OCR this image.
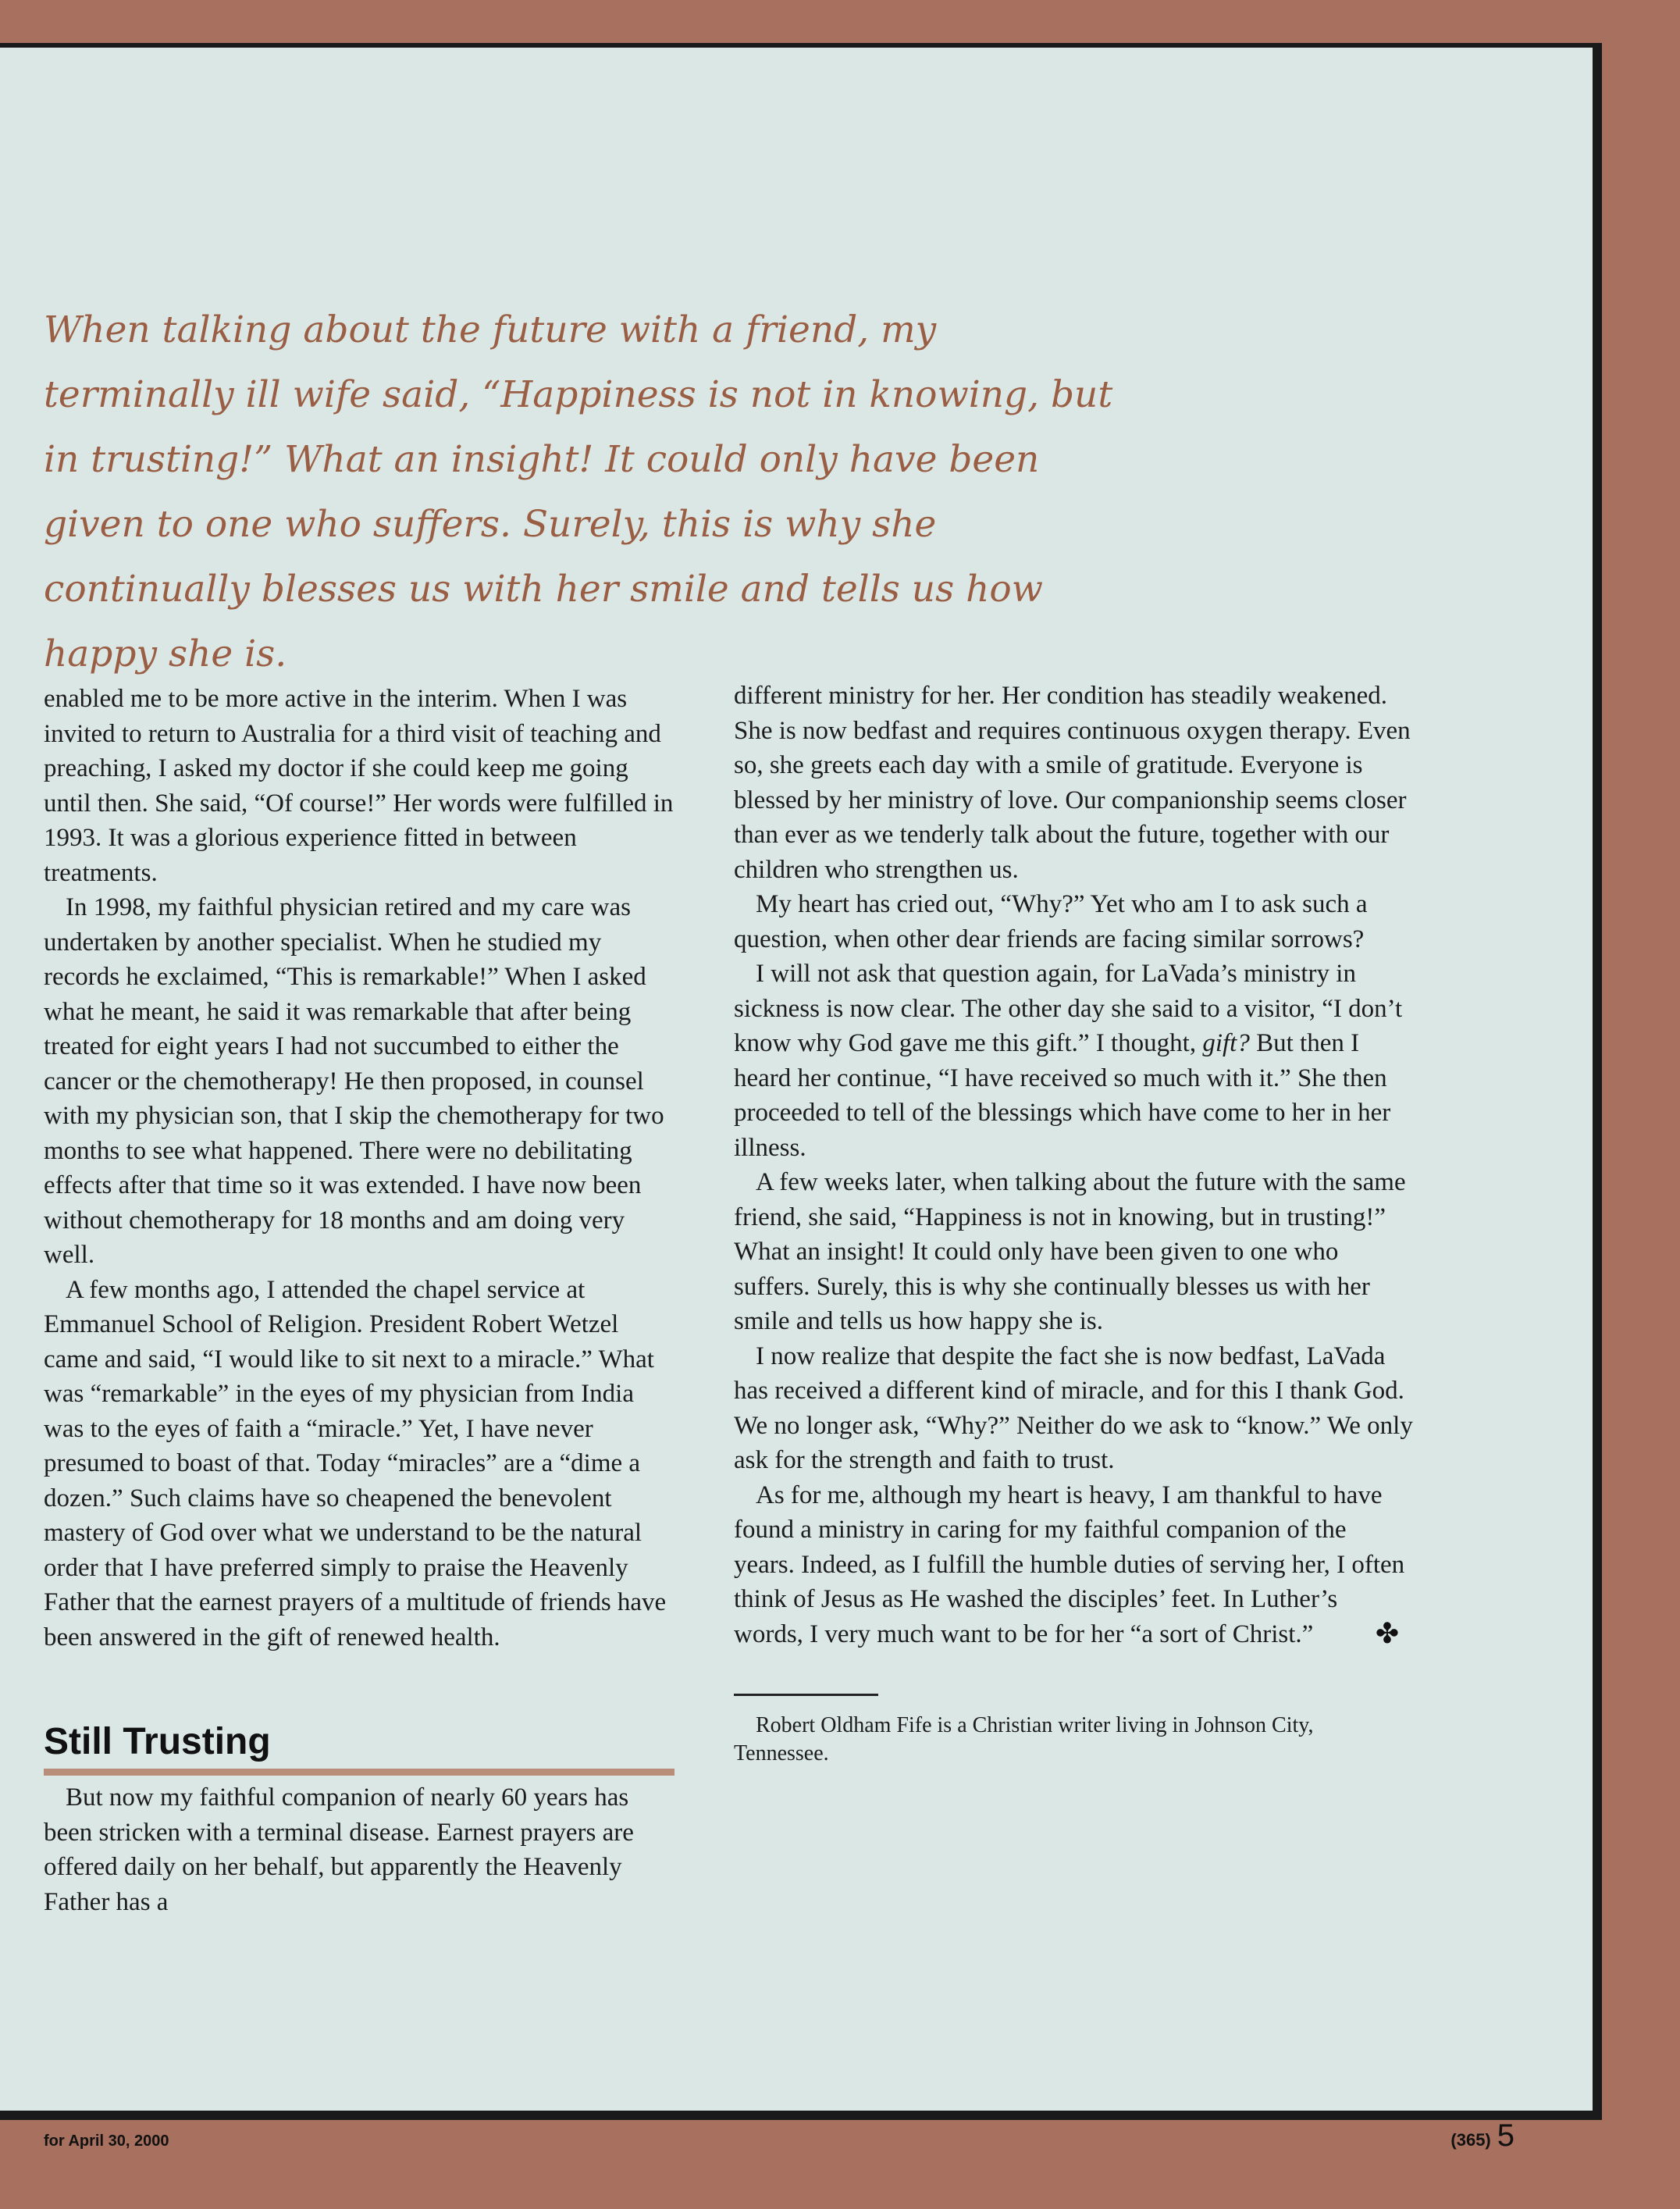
When talking about the future with a friend, my terminally ill wife said, “Happiness is not in knowing, but in trusting!” What an insight! It could only have been given to one who suffers. Surely, this is why she continually blesses us with her smile and tells us how happy she is.

enabled me to be more active in the interim. When I was invited to return to Australia for a third visit of teaching and preaching, I asked my doctor if she could keep me going until then. She said, “Of course!” Her words were fulfilled in 1993. It was a glorious experience fitted in between treatments.

In 1998, my faithful physician retired and my care was undertaken by another specialist. When he studied my records he exclaimed, “This is remarkable!” When I asked what he meant, he said it was remarkable that after being treated for eight years I had not succumbed to either the cancer or the chemotherapy! He then proposed, in counsel with my physician son, that I skip the chemotherapy for two months to see what happened. There were no debilitating effects after that time so it was extended. I have now been without chemotherapy for 18 months and am doing very well.

A few months ago, I attended the chapel service at Emmanuel School of Religion. President Robert Wetzel came and said, “I would like to sit next to a miracle.” What was “remarkable” in the eyes of my physician from India was to the eyes of faith a “miracle.” Yet, I have never presumed to boast of that. Today “miracles” are a “dime a dozen.” Such claims have so cheapened the benevolent mastery of God over what we understand to be the natural order that I have preferred simply to praise the Heavenly Father that the earnest prayers of a multitude of friends have been answered in the gift of renewed health.

Still Trusting

But now my faithful companion of nearly 60 years has been stricken with a terminal disease. Earnest prayers are offered daily on her behalf, but apparently the Heavenly Father has a

different ministry for her. Her condition has steadily weakened. She is now bedfast and requires continuous oxygen therapy. Even so, she greets each day with a smile of gratitude. Everyone is blessed by her ministry of love. Our companionship seems closer than ever as we tenderly talk about the future, together with our children who strengthen us.

My heart has cried out, “Why?” Yet who am I to ask such a question, when other dear friends are facing similar sorrows?

I will not ask that question again, for LaVada’s ministry in sickness is now clear. The other day she said to a visitor, “I don’t know why God gave me this gift.” I thought, gift? But then I heard her continue, “I have received so much with it.” She then proceeded to tell of the blessings which have come to her in her illness.

A few weeks later, when talking about the future with the same friend, she said, “Happiness is not in knowing, but in trusting!” What an insight! It could only have been given to one who suffers. Surely, this is why she continually blesses us with her smile and tells us how happy she is.

I now realize that despite the fact she is now bedfast, LaVada has received a different kind of miracle, and for this I thank God. We no longer ask, “Why?” Neither do we ask to “know.” We only ask for the strength and faith to trust.

As for me, although my heart is heavy, I am thankful to have found a ministry in caring for my faithful companion of the years. Indeed, as I fulfill the humble duties of serving her, I often think of Jesus as He washed the disciples’ feet. In Luther’s words, I very much want to be for her “a sort of Christ.”	✤

Robert Oldham Fife is a Christian writer living in Johnson City, Tennessee.

for April 30, 2000	(365) 5
